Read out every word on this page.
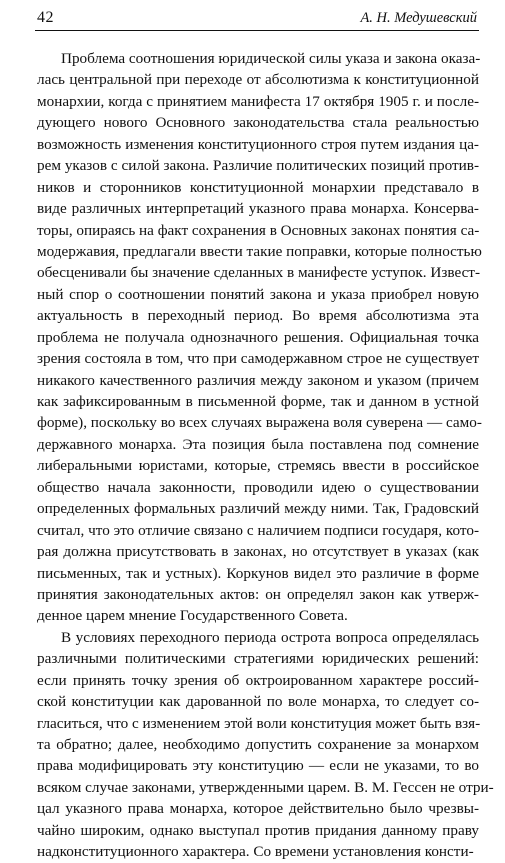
42	А. Н. Медушевский
Проблема соотношения юридической силы указа и закона оказа-
лась центральной при переходе от абсолютизма к конституционной
монархии, когда с принятием манифеста 17 октября 1905 г. и после-
дующего нового Основного законодательства стала реальностью
возможность изменения конституционного строя путем издания ца-
рем указов с силой закона. Различие политических позиций против-
ников и сторонников конституционной монархии представало в
виде различных интерпретаций указного права монарха. Консерва-
торы, опираясь на факт сохранения в Основных законах понятия са-
модержавия, предлагали ввести такие поправки, которые полностью
обесценивали бы значение сделанных в манифесте уступок. Извест-
ный спор о соотношении понятий закона и указа приобрел новую
актуальность в переходный период. Во время абсолютизма эта
проблема не получала однозначного решения. Официальная точка
зрения состояла в том, что при самодержавном строе не существует
никакого качественного различия между законом и указом (причем
как зафиксированным в письменной форме, так и данном в устной
форме), поскольку во всех случаях выражена воля суверена — само-
державного монарха. Эта позиция была поставлена под сомнение
либеральными юристами, которые, стремясь ввести в российское
общество начала законности, проводили идею о существовании
определенных формальных различий между ними. Так, Градовский
считал, что это отличие связано с наличием подписи государя, кото-
рая должна присутствовать в законах, но отсутствует в указах (как
письменных, так и устных). Коркунов видел это различие в форме
принятия законодательных актов: он определял закон как утверж-
денное царем мнение Государственного Совета.
В условиях переходного периода острота вопроса определялась
различными политическими стратегиями юридических решений:
если принять точку зрения об октроированном характере россий-
ской конституции как дарованной по воле монарха, то следует со-
гласиться, что с изменением этой воли конституция может быть взя-
та обратно; далее, необходимо допустить сохранение за монархом
права модифицировать эту конституцию — если не указами, то во
всяком случае законами, утвержденными царем. В. М. Гессен не отри-
цал указного права монарха, которое действительно было чрезвы-
чайно широким, однако выступал против придания данному праву
надконституционного характера. Со времени установления консти-
